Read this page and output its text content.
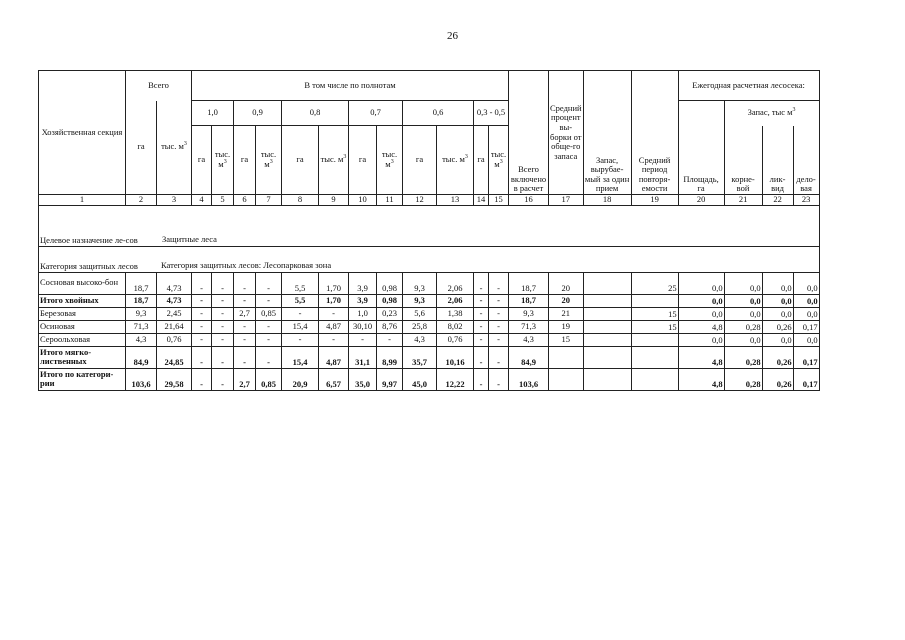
26
Хозяйственная секция	Всего		В том числе по полнотам												Всего включено в расчет	Средний процент вы-борки от обще-го запаса	Запас, вырубае-мый за один прием	Средний период повторя-емости	Ежегодная расчетная лесосека:			
	га	тыс. $м^3$	1,0		0,9		0,8		0,7		0,6		0,3 - 0,5						Площадь, га	Запас, тыс $м^3$
			га	тыс. $м^3$	га	тыс. $м^3$	га	тыс. $м^3$	га	тыс. $м^3$	га	тыс. $м^3$	га	тыс. $м^3$						корне-вой	лик-вид	дело-вая
1	2	3	4	5	6	7	8	9	10	11	12	13	14	15	16	17	18	19	20	21	22	23

Целевое назначение ле-сов Защитные леса																						

Категория защитных лесов Категория защитных лесов: Лесопарковая зона																						

Сосновая высоко-бон	18,7	4,73	-	-	-	-	5,5	1,70	3,9	0,98	9,3	2,06	-	-	18,7	20		25	0,0	0,0	0,0	0,0
Итого хвойных	18,7	4,73	-	-	-	-	5,5	1,70	3,9	0,98	9,3	2,06	-	-	18,7	20			0,0	0,0	0,0	0,0
Березовая	9,3	2,45	-	-	2,7	0,85	-	-	1,0	0,23	5,6	1,38	-	-	9,3	21		15	0,0	0,0	0,0	0,0
Осиновая	71,3	21,64	-	-	-	-	15,4	4,87	30,10	8,76	25,8	8,02	-	-	71,3	19		15	4,8	0,28	0,26	0,17
Сероольховая	4,3	0,76	-	-	-	-	-	-	-	-	4,3	0,76	-	-	4,3	15			0,0	0,0	0,0	0,0
Итого мягко-лиственных	84,9	24,85	-	-	-	-	15,4	4,87	31,1	8,99	35,7	10,16	-	-	84,9				4,8	0,28	0,26	0,17
Итого по категори-рии	103,6	29,58	-	-	2,7	0,85	20,9	6,57	35,0	9,97	45,0	12,22	-	-	103,6				4,8	0,28	0,26	0,17
